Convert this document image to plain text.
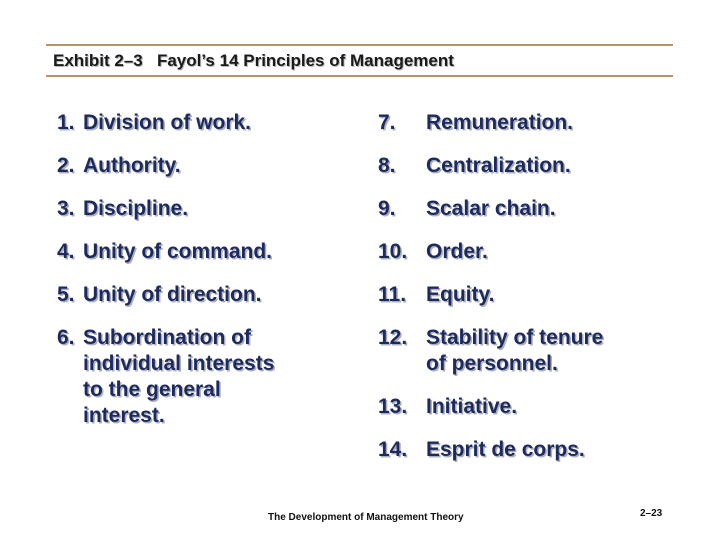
Exhibit 2–3 Fayol’s 14 Principles of Management
1. Division of work.
2. Authority.
3. Discipline.
4. Unity of command.
5. Unity of direction.
6. Subordination of
individual interests
to the general
interest.
7.	Remuneration.
8.	Centralization.
9.	Scalar chain.
10. Order.
11. Equity.
12. Stability of tenure
of personnel.
13. Initiative.
14. Esprit de corps.
The Development of Management Theory	2–23
